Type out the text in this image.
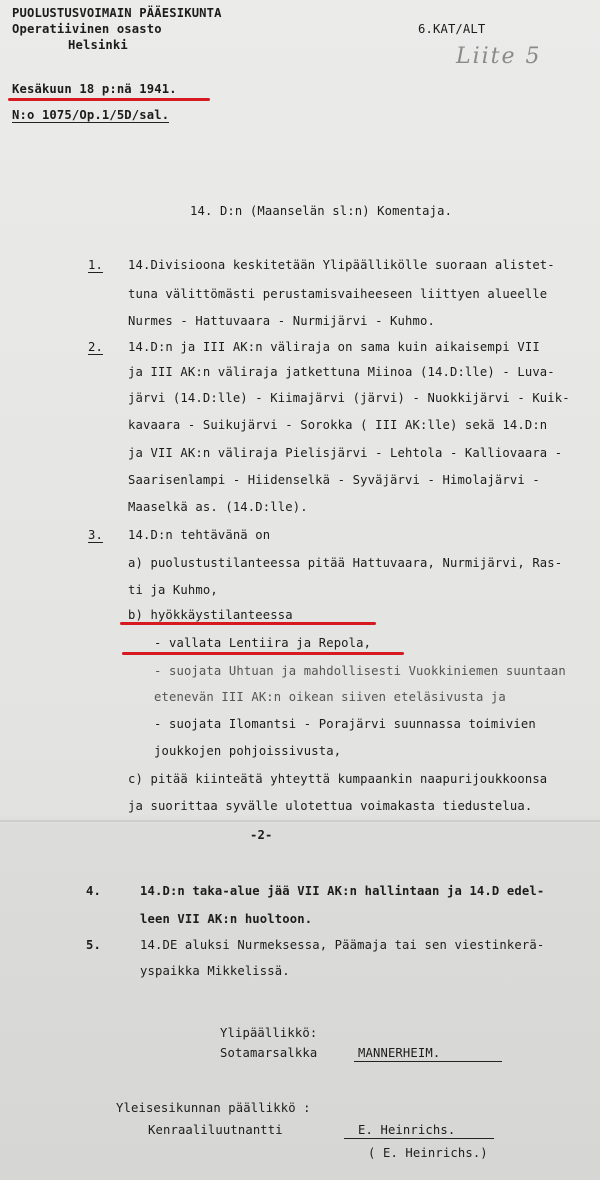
PUOLUSTUSVOIMAIN PÄÄESIKUNTA
Operatiivinen osasto
Helsinki
Kesäkuun 18 p:nä 1941.
N:o 1075/Op.1/5D/sal.
6.KAT/ALT
Liite 5
14. D:n (Maanselän sl:n) Komentaja.
1. 14.Divisioona keskitetään Ylipäällikölle suoraan alistet-
tuna välittömästi perustamisvaiheeseen liittyen alueelle
Nurmes - Hattuvaara - Nurmijärvi - Kuhmo.
2. 14.D:n ja III AK:n väliraja on sama kuin aikaisempi VII
ja III AK:n väliraja jatkettuna Miinoa (14.D:lle) - Luva-
järvi (14.D:lle) - Kiimajärvi (järvi) - Nuokkijärvi - Kuik-
kavaara - Suikujärvi - Sorokka ( III AK:lle) sekä 14.D:n
ja VII AK:n väliraja Pielisjärvi - Lehtola - Kalliovaara -
Saarisenlampi - Hiidenselkä - Syväjärvi - Himolajärvi -
Maaselkä as. (14.D:lle).
3. 14.D:n tehtävänä on
a) puolustustilanteessa pitää Hattuvaara, Nurmijärvi, Ras-
ti ja Kuhmo,
b) hyökkäystilanteessa
- vallata Lentiira ja Repola,
- suojata Uhtuan ja mahdollisesti Vuokkiniemen suuntaan
etenevän III AK:n oikean siiven eteläsivusta ja
- suojata Ilomantsi - Porajärvi suunnassa toimivien
joukkojen pohjoissivusta,
c) pitää kiinteätä yhteyttä kumpaankin naapurijoukkoonsa
ja suorittaa syvälle ulotettua voimakasta tiedustelua.
-2-
4.	14.D:n taka-alue jää VII AK:n hallintaan ja 14.D edel-
leen VII AK:n huoltoon.
5.	14.DE aluksi Nurmeksessa, Päämaja tai sen viestinkerä-
yspaikka Mikkelissä.
Ylipäällikkö:
Sotamarsalkka	MANNERHEIM.
Yleisesikunnan päällikkö :
Kenraaliluutnantti	E. Heinrichs.
( E. Heinrichs.)
